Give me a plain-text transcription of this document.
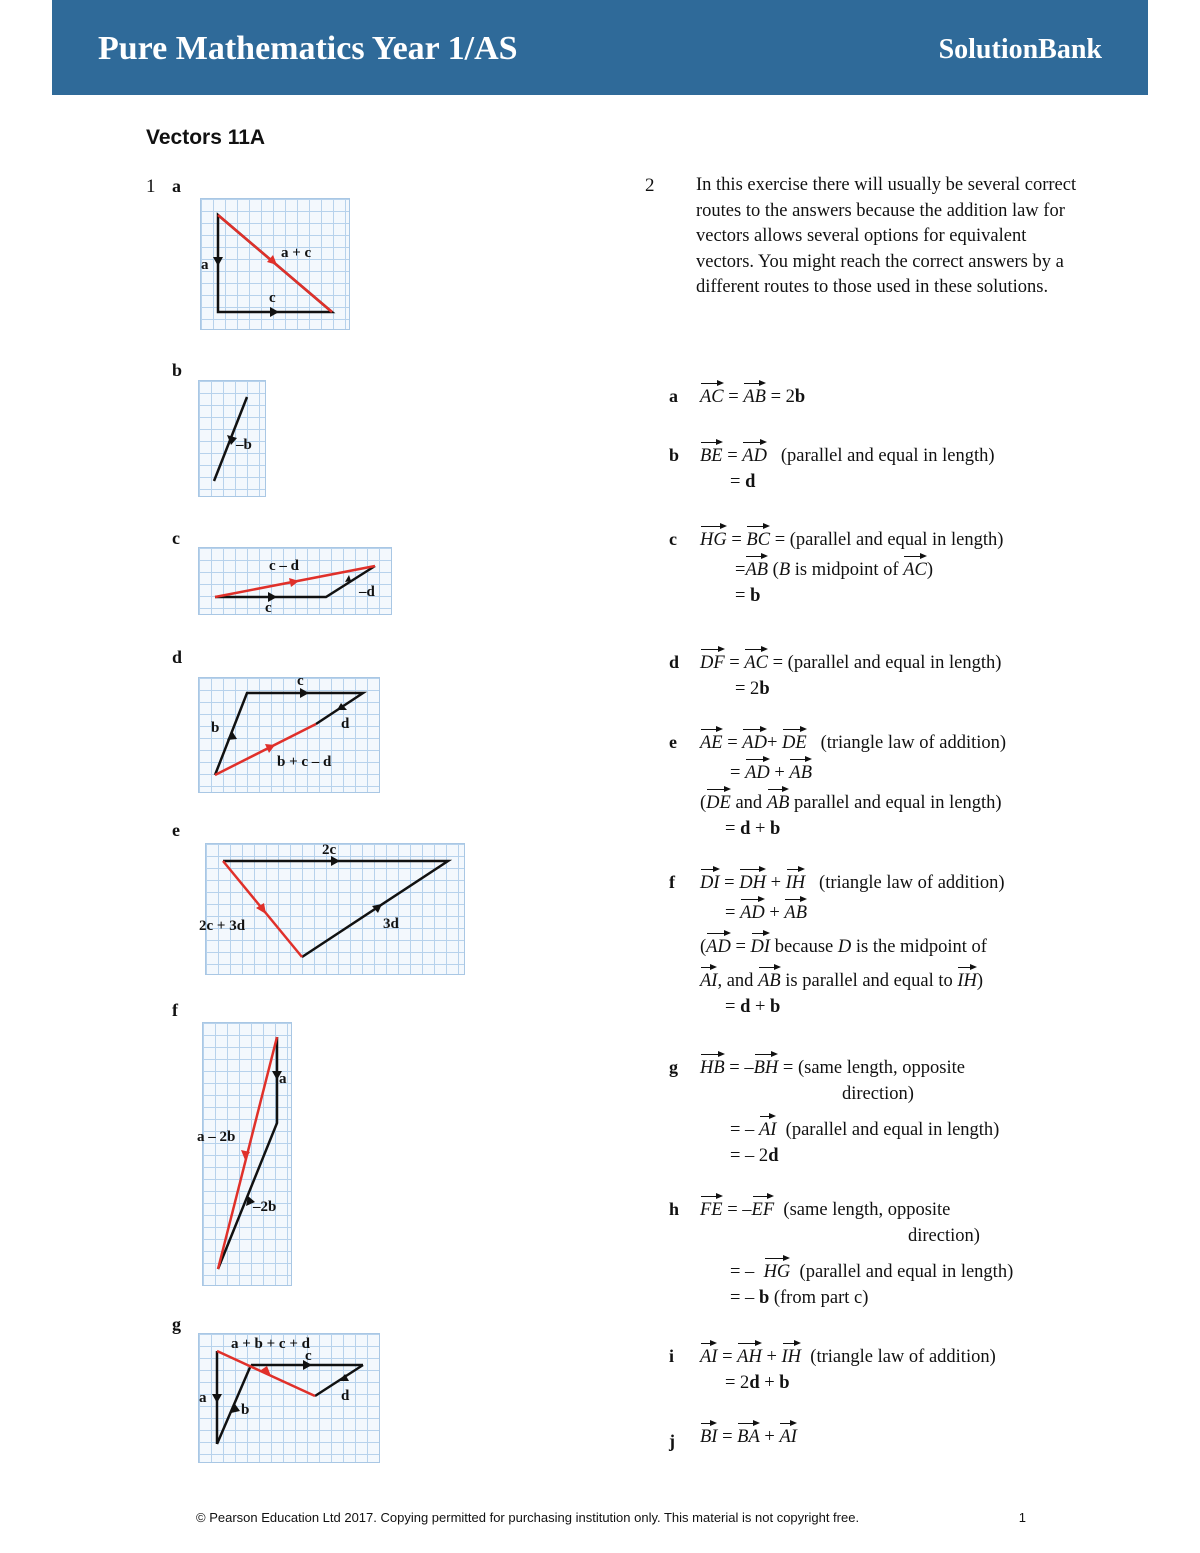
Pure Mathematics Year 1/AS	SolutionBank
Vectors 11A
1 a
a
a + c
c
b
–b
c
c – d
c
–d
d
c
b	d
b + c – d
e
2c
2c + 3d	3d
f
a
a – 2b
–2b
g
a + b + c + d
c
a
b
d
2 In this exercise there will usually be several correct routes to the answers because the addition law for vectors allows several options for equivalent vectors. You might reach the correct answers by a different routes to those used in these solutions.
a AC = AB = 2b
b BE = AD (parallel and equal in length)
= d
c HG = BC = (parallel and equal in length)
=AB (B is midpoint of AC)
= b
d DF = AC = (parallel and equal in length)
= 2b
e AE = AD+ DE (triangle law of addition)
= AD + AB
(DE and AB parallel and equal in length)
= d + b
f DI = DH + IH (triangle law of addition)
= AD + AB
(AD = DI because D is the midpoint of
AI, and AB is parallel and equal to IH)
= d + b
g HB = –BH = (same length, opposite
direction)
= – AI (parallel and equal in length)
= – 2d
h FE = –EF (same length, opposite
direction)
= –  HG (parallel and equal in length)
= – b (from part c)
i AI = AH + IH (triangle law of addition)
= 2d + b
j BI = BA + AI
© Pearson Education Ltd 2017. Copying permitted for purchasing institution only. This material is not copyright free.	1
